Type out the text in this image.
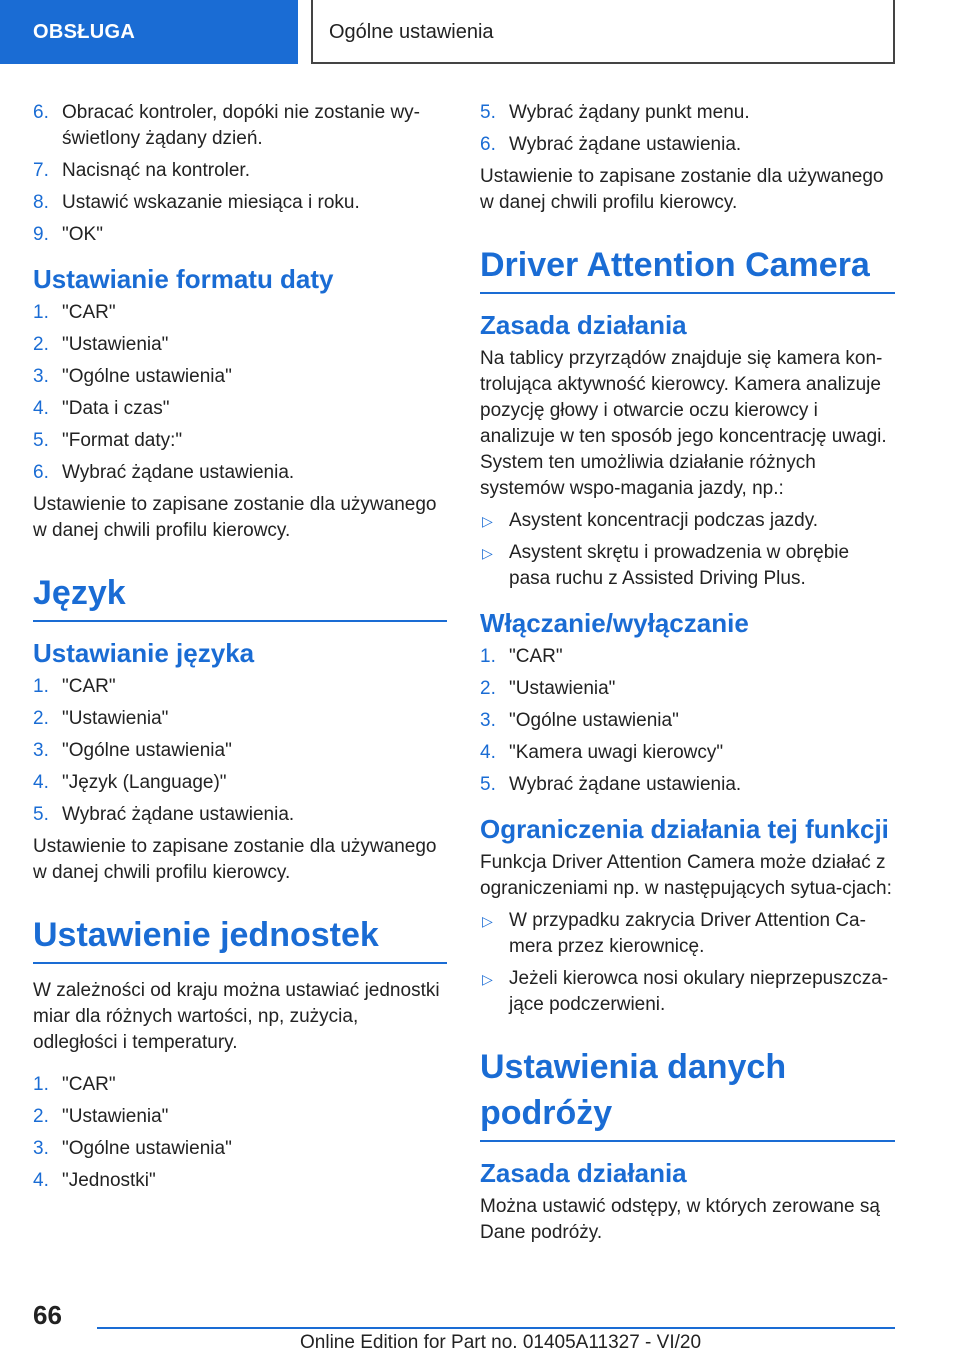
OBSŁUGA	Ogólne ustawienia
6. Obracać kontroler, dopóki nie zostanie wy-
świetlony żądany dzień.
7. Nacisnąć na kontroler.
8. Ustawić wskazanie miesiąca i roku.
9. "OK"
Ustawianie formatu daty
1. "CAR"
2. "Ustawienia"
3. "Ogólne ustawienia"
4. "Data i czas"
5. "Format daty:"
6. Wybrać żądane ustawienia.

Ustawienie to zapisane zostanie dla używanego w danej chwili profilu kierowcy.

Język
Ustawianie języka
1. "CAR"
2. "Ustawienia"
3. "Ogólne ustawienia"
4. "Język (Language)"
5. Wybrać żądane ustawienia.

Ustawienie to zapisane zostanie dla używanego w danej chwili profilu kierowcy.

Ustawienie jednostek

W zależności od kraju można ustawiać jednostki miar dla różnych wartości, np, zużycia, odległości i temperatury.

1. "CAR"
2. "Ustawienia"
3. "Ogólne ustawienia"
4. "Jednostki"
5. Wybrać żądany punkt menu.
6. Wybrać żądane ustawienia.

Ustawienie to zapisane zostanie dla używanego w danej chwili profilu kierowcy.

Driver Attention Camera
Zasada działania

Na tablicy przyrządów znajduje się kamera kon-trolująca aktywność kierowcy. Kamera analizuje pozycję głowy i otwarcie oczu kierowcy i analizuje w ten sposób jego koncentrację uwagi. System ten umożliwia działanie różnych systemów wspo-magania jazdy, np.:

▷ Asystent koncentracji podczas jazdy.
▷ Asystent skrętu i prowadzenia w obrębie pasa ruchu z Assisted Driving Plus.
Włączanie/wyłączanie
1. "CAR"
2. "Ustawienia"
3. "Ogólne ustawienia"
4. "Kamera uwagi kierowcy"
5. Wybrać żądane ustawienia.
Ograniczenia działania tej funkcji

Funkcja Driver Attention Camera może działać z ograniczeniami np. w następujących sytua-cjach:

▷ W przypadku zakrycia Driver Attention Ca-mera przez kierownicę.
▷ Jeżeli kierowca nosi okulary nieprzepuszcza-jące podczerwieni.
Ustawienia danych podróży
Zasada działania

Można ustawić odstępy, w których zerowane są Dane podróży.

66
Online Edition for Part no. 01405A11327 - VI/20
